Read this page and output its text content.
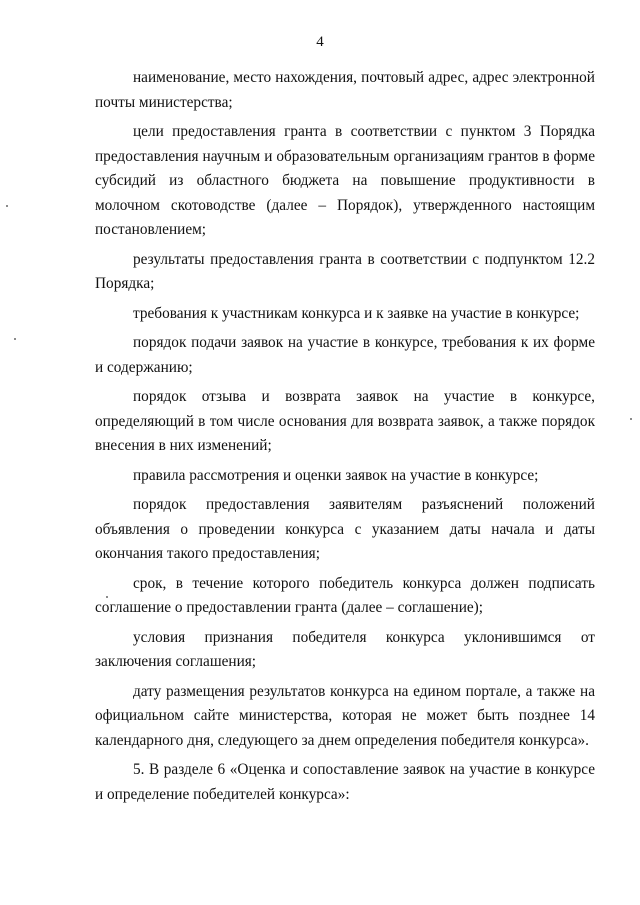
4

наименование, место нахождения, почтовый адрес, адрес электронной почты министерства;

цели предоставления гранта в соответствии с пунктом 3 Порядка предоставления научным и образовательным организациям грантов в форме субсидий из областного бюджета на повышение продуктивности в молочном скотоводстве (далее – Порядок), утвержденного настоящим постановлением;

результаты предоставления гранта в соответствии с подпунктом 12.2 Порядка;

требования к участникам конкурса и к заявке на участие в конкурсе;

порядок подачи заявок на участие в конкурсе, требования к их форме и содержанию;

порядок отзыва и возврата заявок на участие в конкурсе, определяющий в том числе основания для возврата заявок, а также порядок внесения в них изменений;

правила рассмотрения и оценки заявок на участие в конкурсе;

порядок предоставления заявителям разъяснений положений объявления о проведении конкурса с указанием даты начала и даты окончания такого предоставления;

срок, в течение которого победитель конкурса должен подписать соглашение о предоставлении гранта (далее – соглашение);

условия признания победителя конкурса уклонившимся от заключения соглашения;

дату размещения результатов конкурса на едином портале, а также на официальном сайте министерства, которая не может быть позднее 14 календарного дня, следующего за днем определения победителя конкурса».

5. В разделе 6 «Оценка и сопоставление заявок на участие в конкурсе и определение победителей конкурса»:
